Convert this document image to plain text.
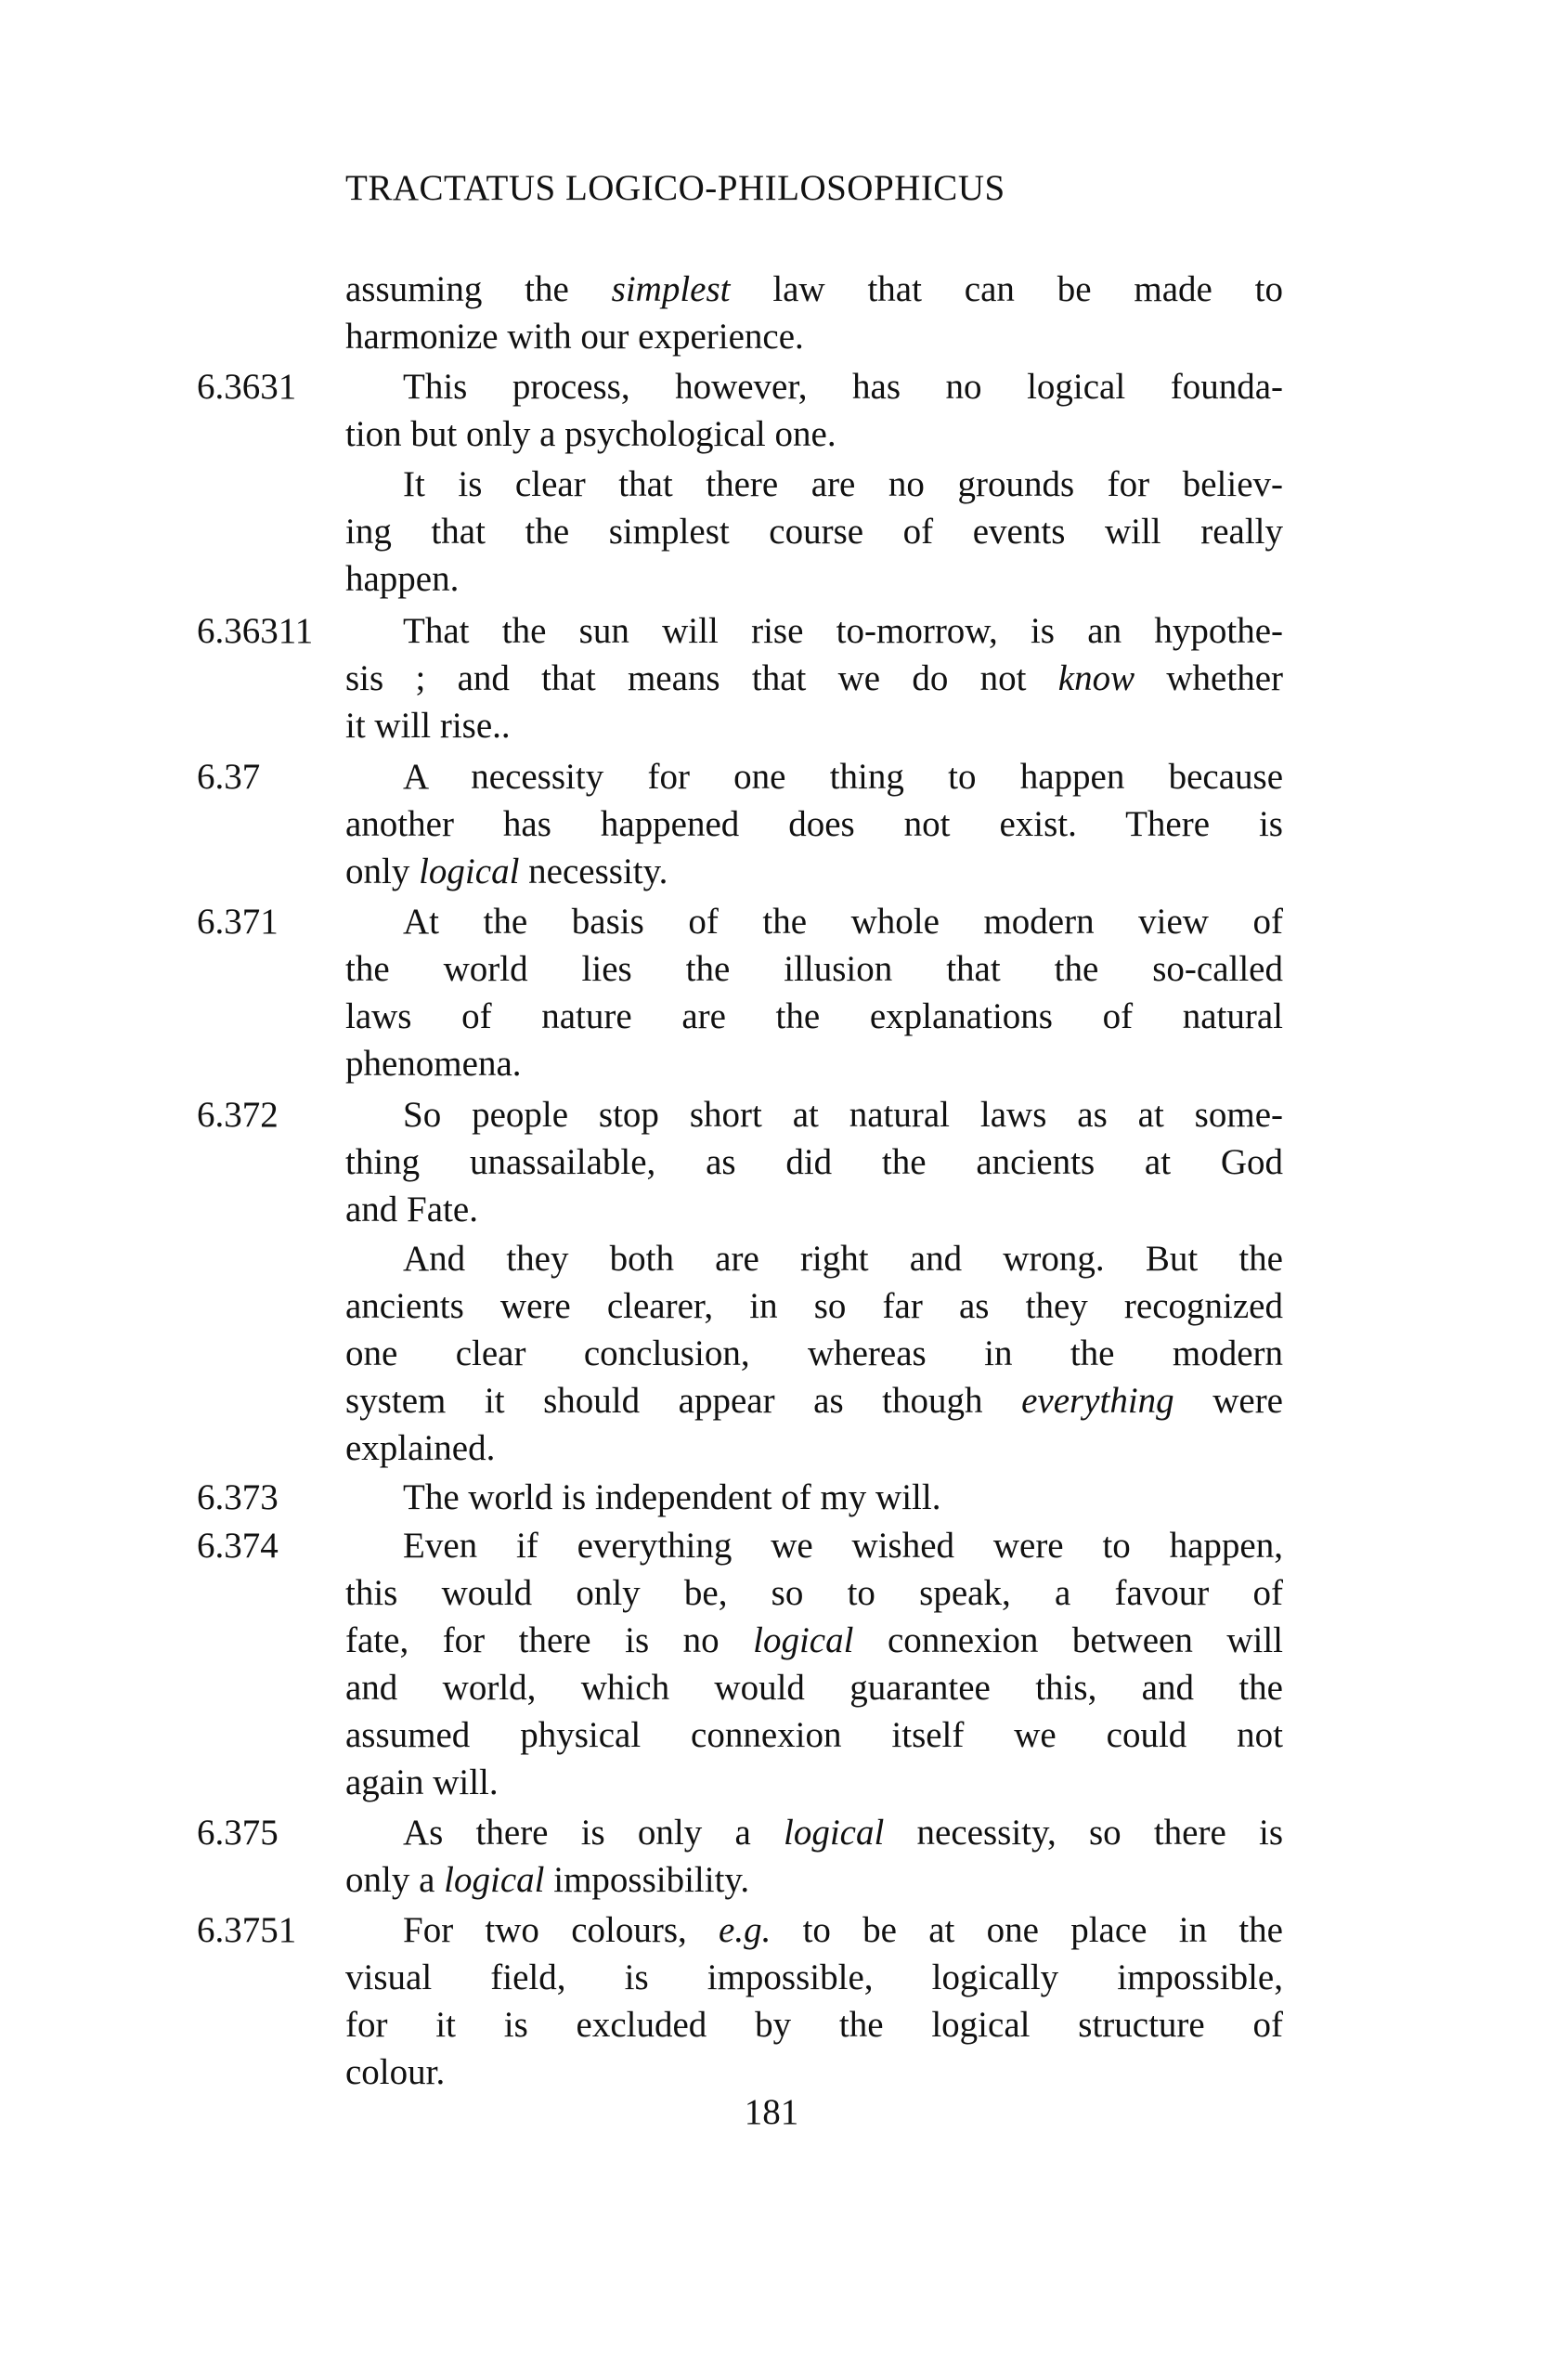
TRACTATUS LOGICO-PHILOSOPHICUS
assuming the simplest law that can be made to
harmonize with our experience.
6.3631	This process, however, has no logical founda-
tion but only a psychological one.
It is clear that there are no grounds for believ-
ing that the simplest course of events will really
happen.
6.36311	That the sun will rise to-morrow, is an hypothe-
sis ; and that means that we do not know whether
it will rise..
6.37	A necessity for one thing to happen because
another has happened does not exist. There is
only logical necessity.
6.371	At the basis of the whole modern view of
the world lies the illusion that the so-called
laws of nature are the explanations of natural
phenomena.
6.372	So people stop short at natural laws as at some-
thing unassailable, as did the ancients at God
and Fate.
And they both are right and wrong. But the
ancients were clearer, in so far as they recognized
one clear conclusion, whereas in the modern
system it should appear as though everything were
explained.
6.373	The world is independent of my will.
6.374	Even if everything we wished were to happen,
this would only be, so to speak, a favour of
fate, for there is no logical connexion between will
and world, which would guarantee this, and the
assumed physical connexion itself we could not
again will.
6.375	As there is only a logical necessity, so there is
only a logical impossibility.
6.3751	For two colours, e.g. to be at one place in the
visual field, is impossible, logically impossible,
for it is excluded by the logical structure of
colour.
181
